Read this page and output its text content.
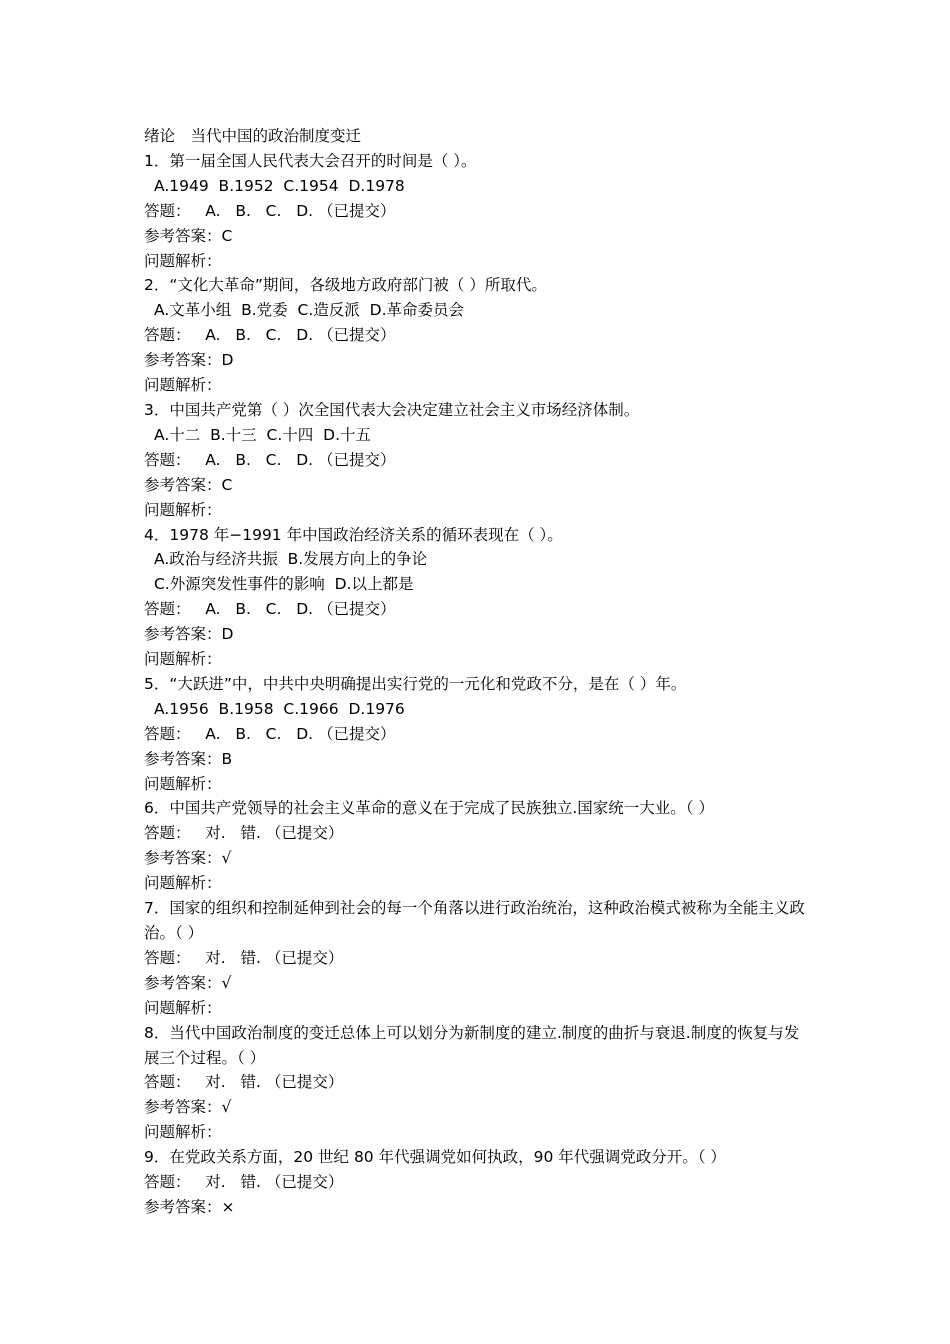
绪论　当代中国的政治制度变迁
1．第一届全国人民代表大会召开的时间是（ ）。
A.1949  B.1952  C.1954  D.1978
答题：   A.   B.   C.   D. （已提交）
参考答案：C
问题解析：
2．“文化大革命”期间，各级地方政府部门被（ ）所取代。
A.文革小组  B.党委  C.造反派  D.革命委员会
答题：   A.   B.   C.   D. （已提交）
参考答案：D
问题解析：
3．中国共产党第（ ）次全国代表大会决定建立社会主义市场经济体制。
A.十二  B.十三  C.十四  D.十五
答题：   A.   B.   C.   D. （已提交）
参考答案：C
问题解析：
4．1978 年−1991 年中国政治经济关系的循环表现在（ ）。
A.政治与经济共振  B.发展方向上的争论
C.外源突发性事件的影响  D.以上都是
答题：   A.   B.   C.   D. （已提交）
参考答案：D
问题解析：
5．“大跃进”中，中共中央明确提出实行党的一元化和党政不分，是在（ ）年。
A.1956  B.1958  C.1966  D.1976
答题：   A.   B.   C.   D. （已提交）
参考答案：B
问题解析：
6．中国共产党领导的社会主义革命的意义在于完成了民族独立.国家统一大业。（ ）
答题：   对.   错. （已提交）
参考答案：√
问题解析：
7．国家的组织和控制延伸到社会的每一个角落以进行政治统治，这种政治模式被称为全能主义政治。（ ）
答题：   对.   错. （已提交）
参考答案：√
问题解析：
8．当代中国政治制度的变迁总体上可以划分为新制度的建立.制度的曲折与衰退.制度的恢复与发展三个过程。（ ）
答题：   对.   错. （已提交）
参考答案：√
问题解析：
9．在党政关系方面，20 世纪 80 年代强调党如何执政，90 年代强调党政分开。（ ）
答题：   对.   错. （已提交）
参考答案：×
